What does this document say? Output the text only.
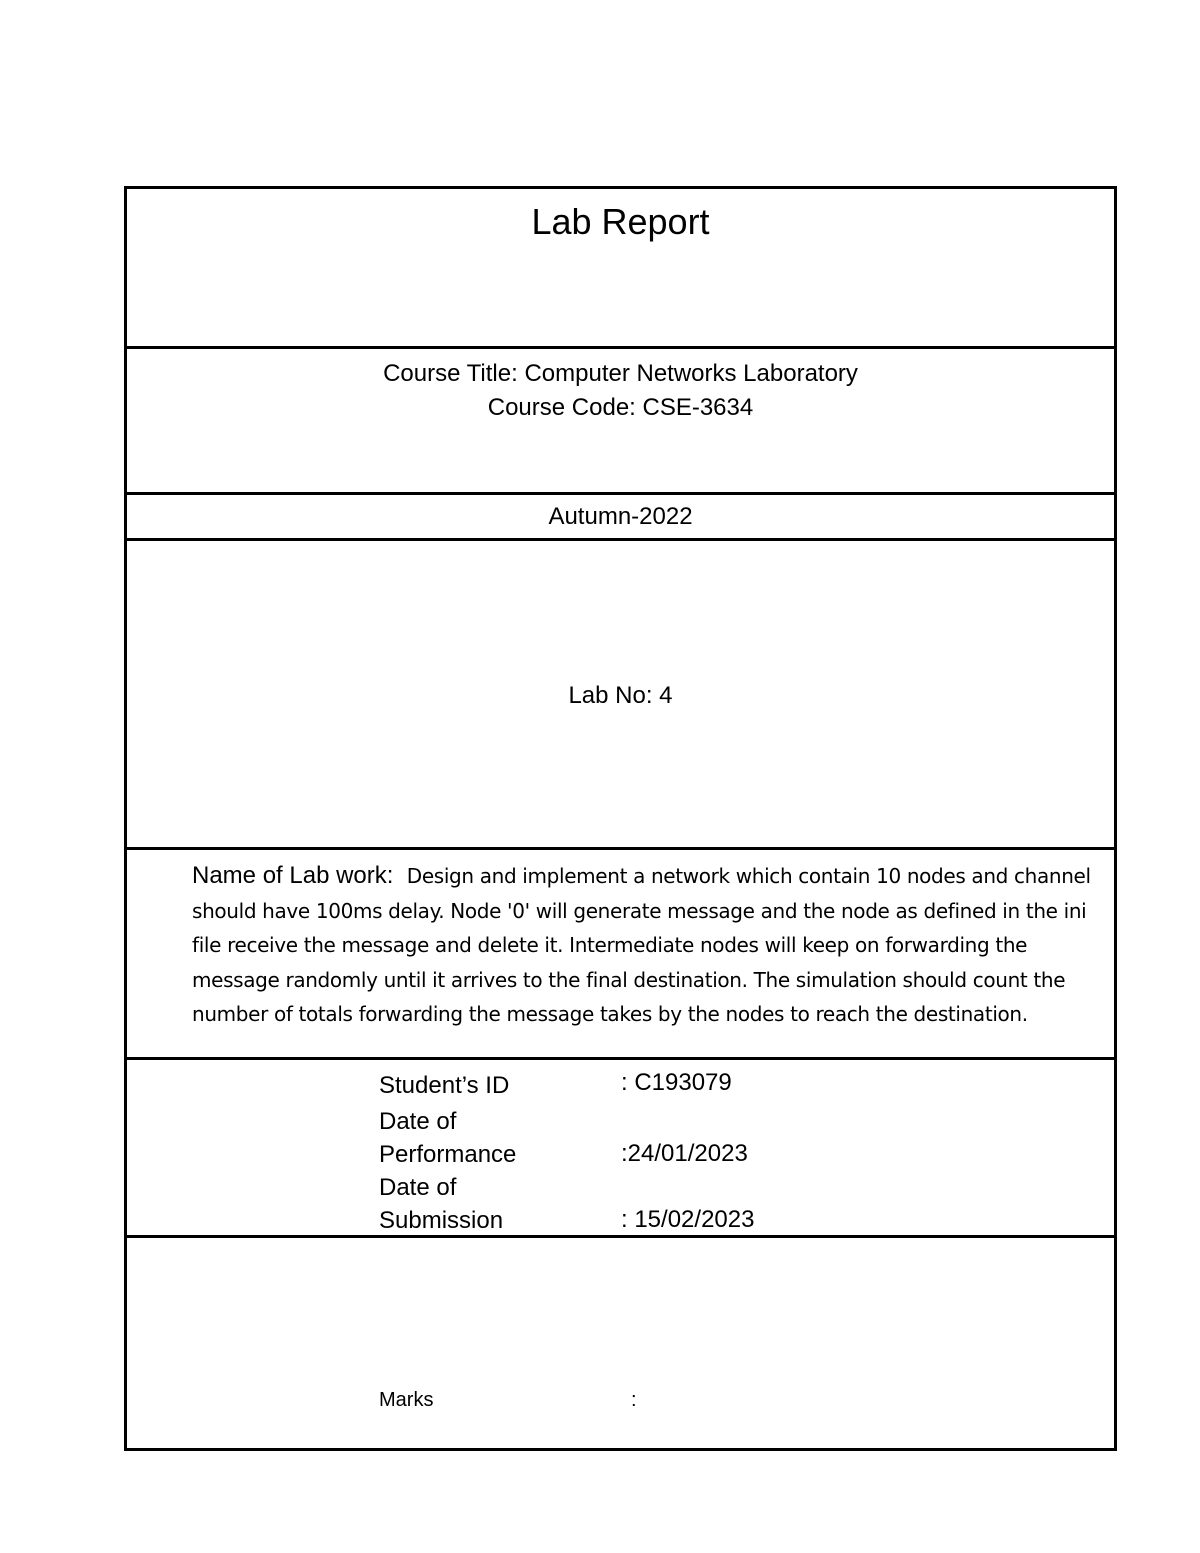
Lab Report
Course Title: Computer Networks Laboratory
Course Code: CSE-3634
Autumn-2022
Lab No: 4
Name of Lab work: Design and implement a network which contain 10 nodes and channel should have 100ms delay. Node '0' will generate message and the node as defined in the ini file receive the message and delete it. Intermediate nodes will keep on forwarding the message randomly until it arrives to the final destination. The simulation should count the number of totals forwarding the message takes by the nodes to reach the destination.
Student’s ID	: C193079
Date of Performance	:24/01/2023
Date of Submission	: 15/02/2023
Marks	:
